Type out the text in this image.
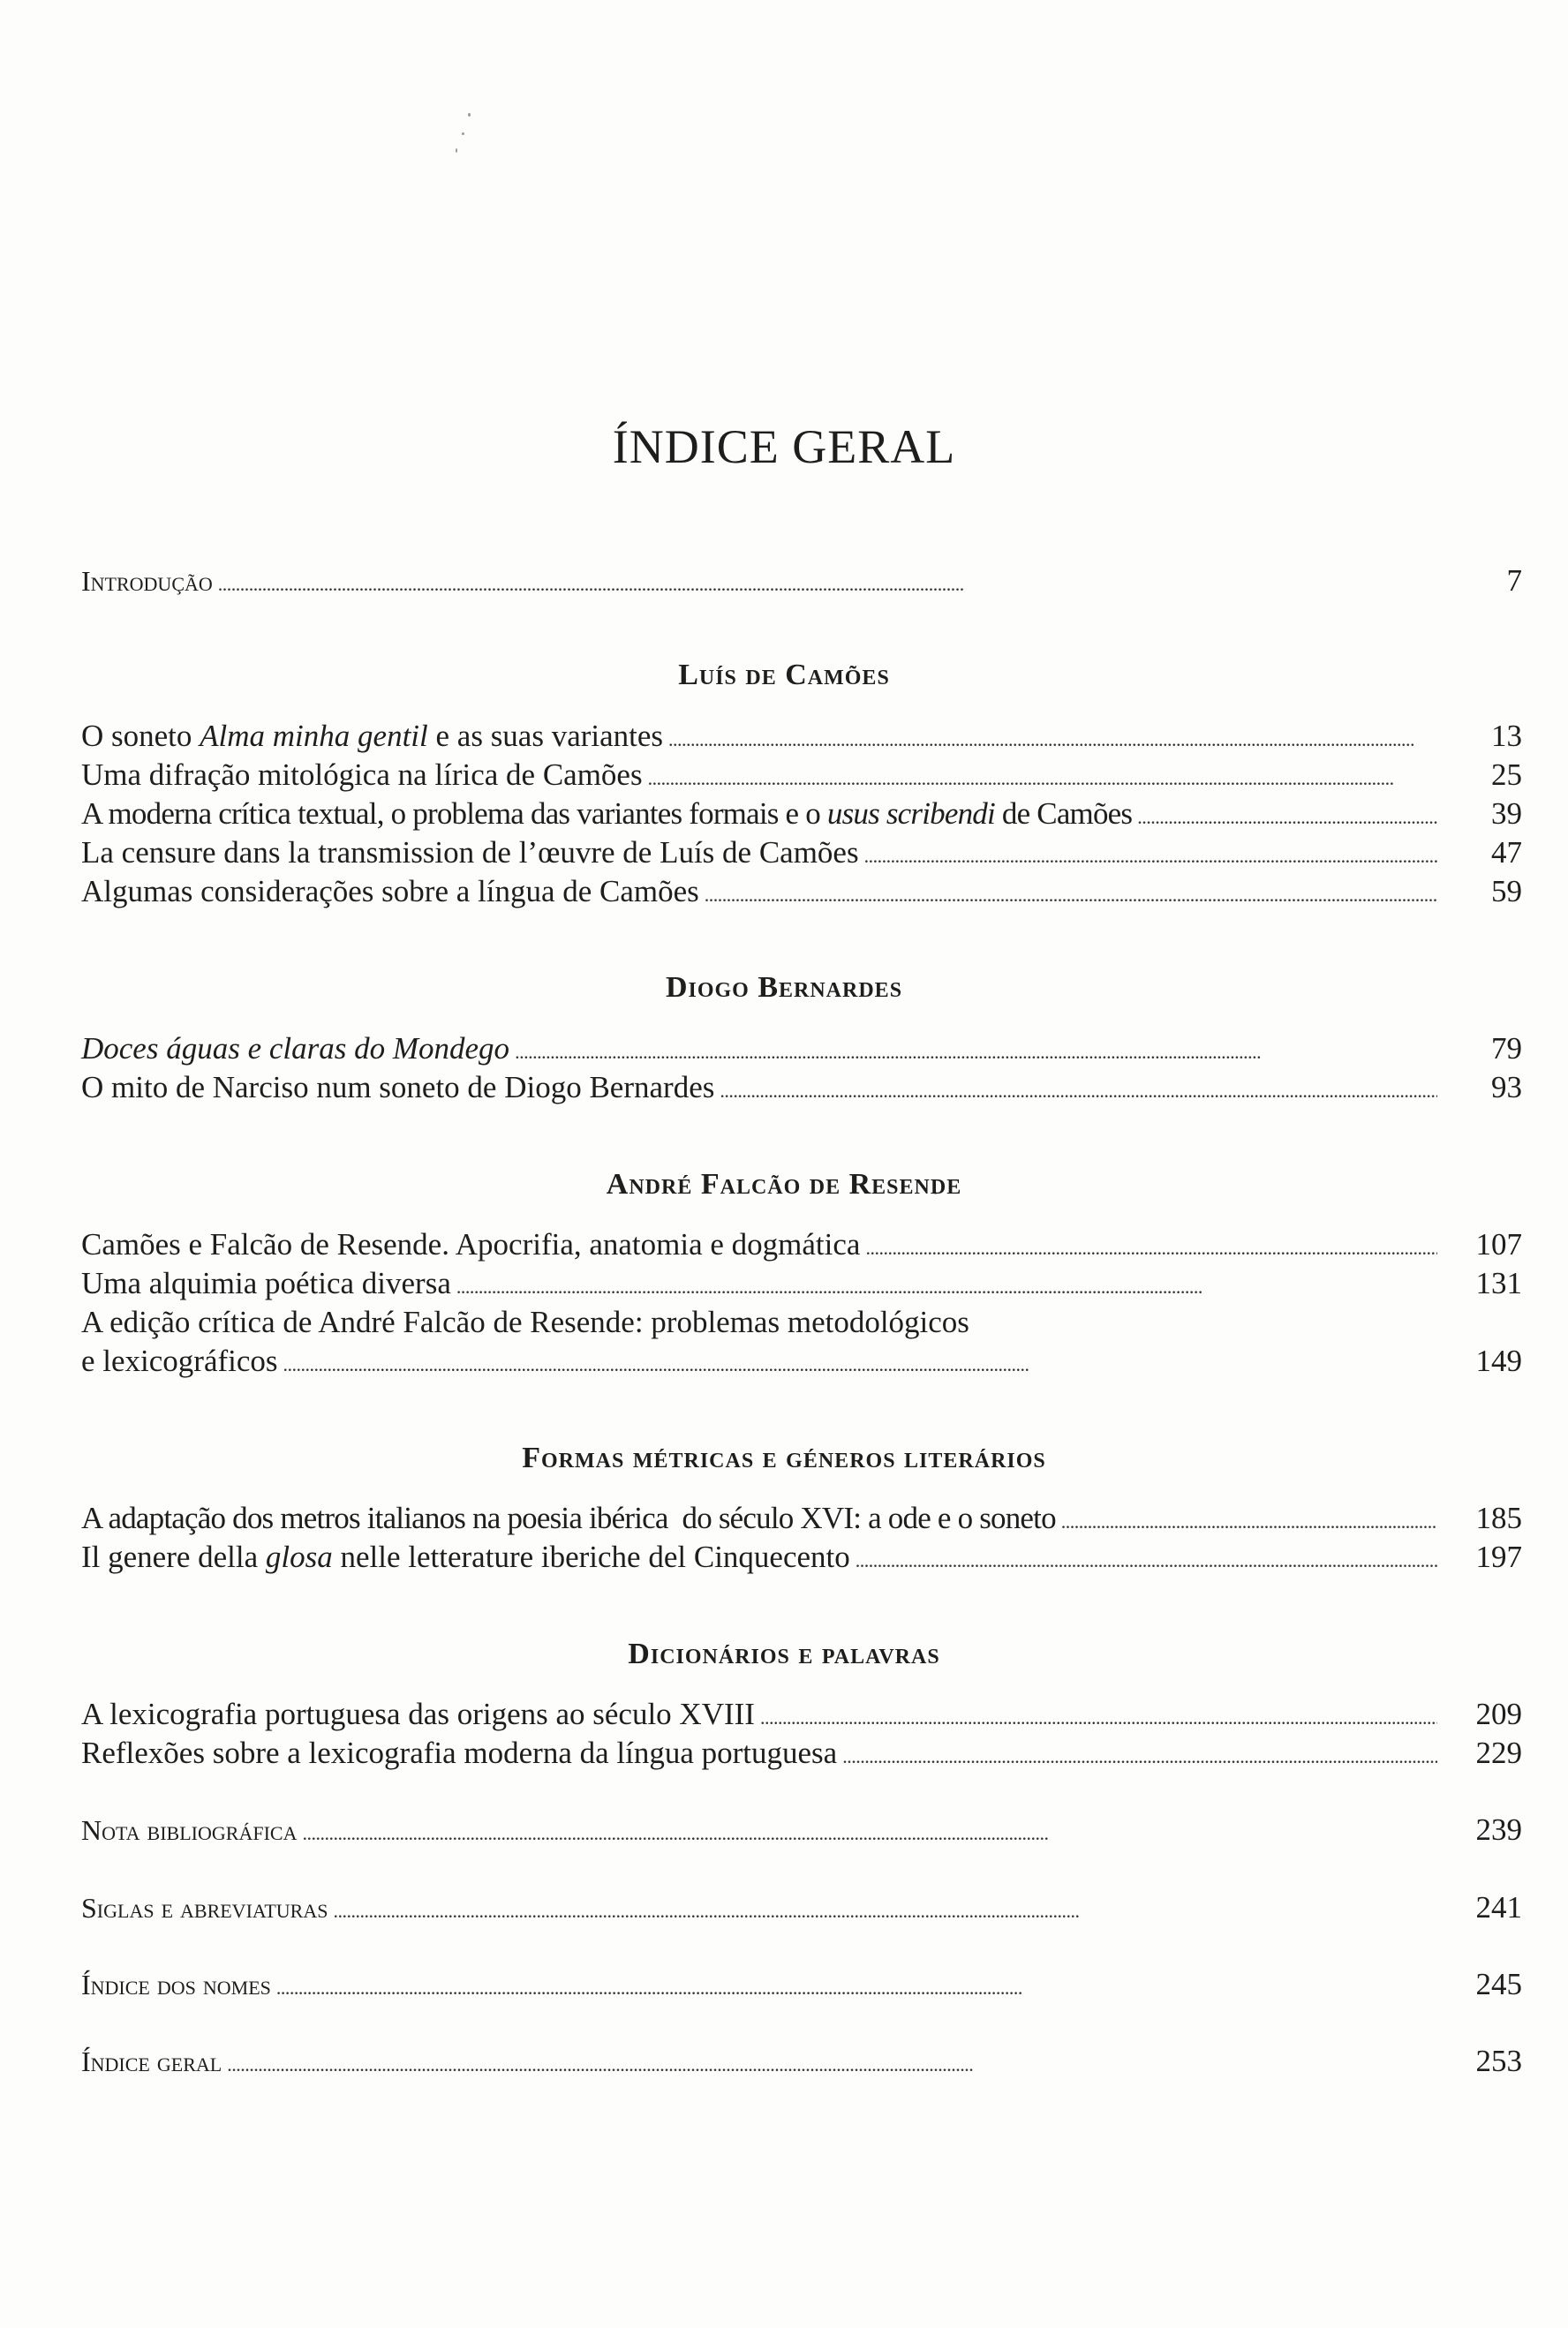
ÍNDICE GERAL
Introdução . . .	7
Luís de Camões
O soneto Alma minha gentil e as suas variantes . . .	13
Uma difração mitológica na lírica de Camões . . .	25
A moderna crítica textual, o problema das variantes formais e o usus scribendi de Camões . . .	39
La censure dans la transmission de l’œuvre de Luís de Camões . . .	47
Algumas considerações sobre a língua de Camões . . .	59
Diogo Bernardes
Doces águas e claras do Mondego . . .	79
O mito de Narciso num soneto de Diogo Bernardes . . .	93
André Falcão de Resende
Camões e Falcão de Resende. Apocrifia, anatomia e dogmática . . .	107
Uma alquimia poética diversa . . .	131
A edição crítica de André Falcão de Resende: problemas metodológicos
e lexicográficos . . .	149
Formas métricas e géneros literários
A adaptação dos metros italianos na poesia ibérica  do século XVI: a ode e o soneto . . .	185
Il genere della glosa nelle letterature iberiche del Cinquecento . . .	197
Dicionários e palavras
A lexicografia portuguesa das origens ao século XVIII . . .	209
Reflexões sobre a lexicografia moderna da língua portuguesa . . .	229
Nota bibliográfica . . .	239
Siglas e abreviaturas . . .	241
Índice dos nomes . . .	245
Índice geral . . .	253
